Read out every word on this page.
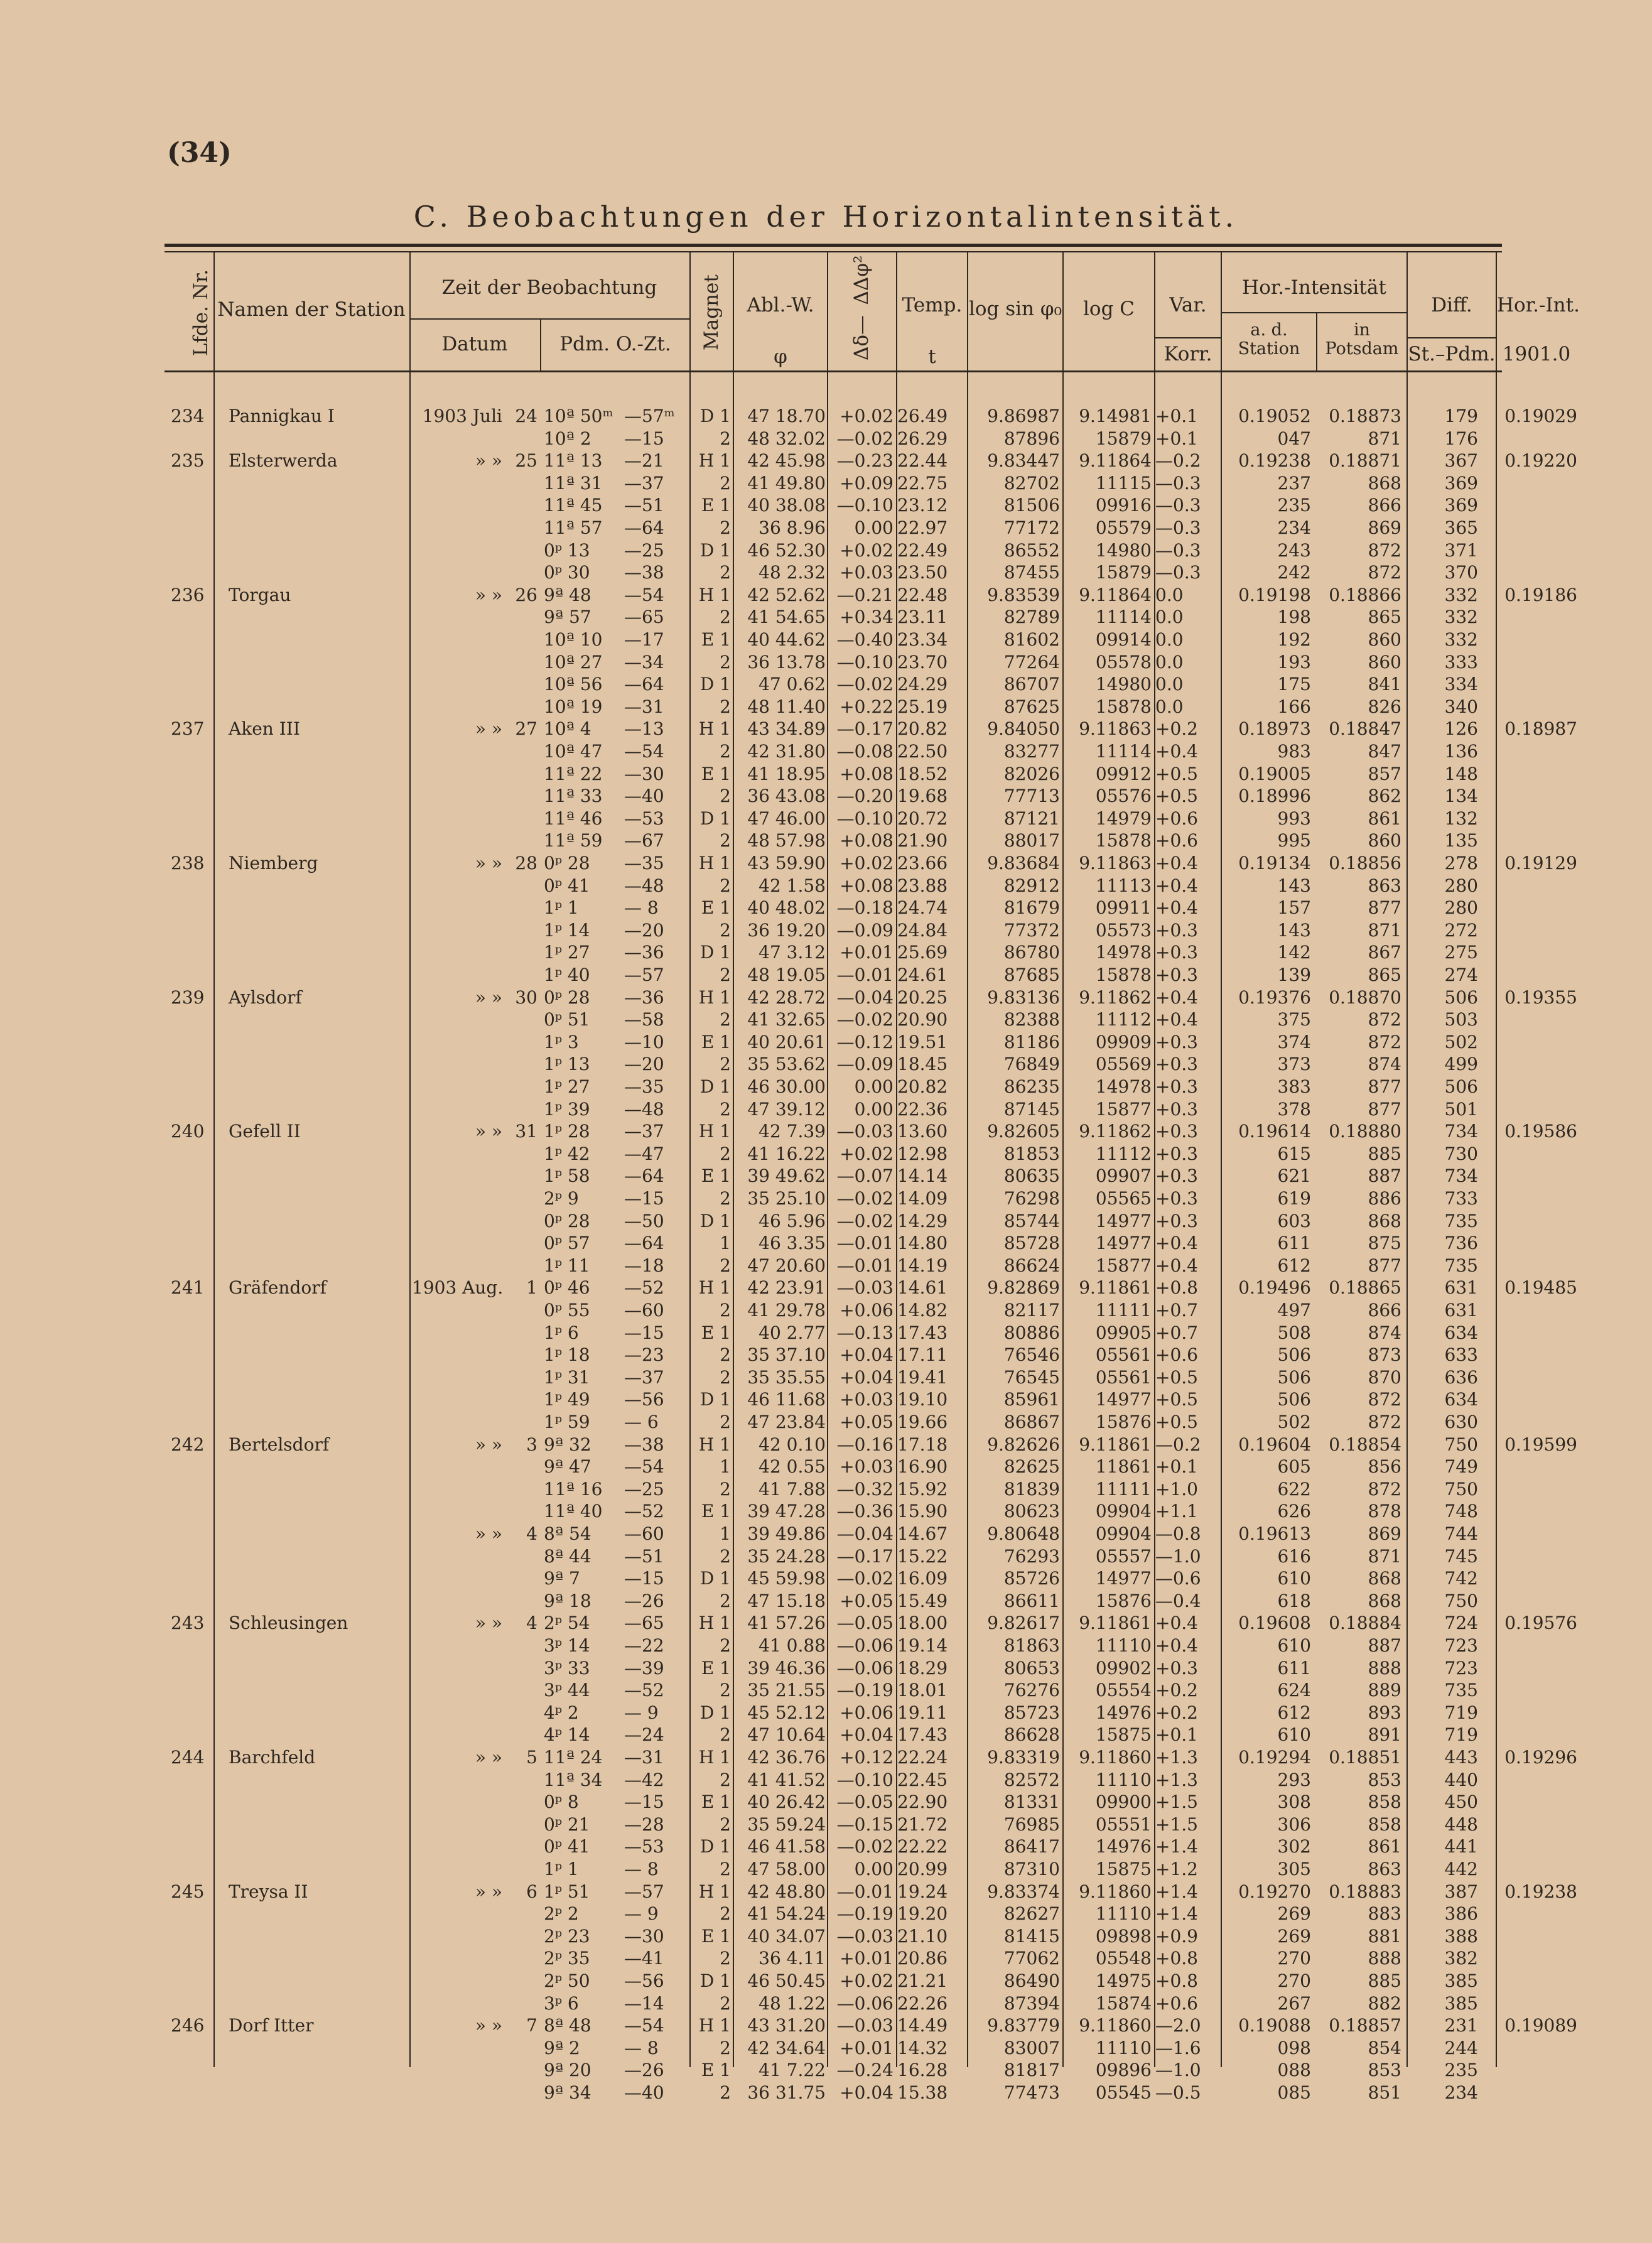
(34)
C. Beobachtungen der Horizontalintensität.
Lfde. Nr. Namen der Station
Zeit der Beobachtung
Datum	Pdm. O.-Zt.	Magnet	Abl.-W.
φ
ΔΔφ²
Δδ—
Temp.
t
log sin φ₀	log C	Var.
Korr.
Hor.-Intensität
a. d.
Station
in
Potsdam
Diff.
St.–Pdm.
Hor.-Int.
1901.0
234	Pannigkau I	1903 Juli 24 10ª 50ᵐ —57ᵐ	D 1 47 18.70 +0.02 26.49	9.86987	9.14981 +0.1	0.19052	0.18873	179	0.19029
10ª 2	—15	2 48 32.02 —0.02 26.29	87896	15879 +0.1	047	871	176
235	Elsterwerda	» » 25 11ª 13	—21	H 1 42 45.98 —0.23 22.44	9.83447	9.11864 —0.2	0.19238	0.18871	367	0.19220
11ª 31	—37	2 41 49.80 +0.09 22.75	82702	11115 —0.3	237	868	369
11ª 45	—51	E 1 40 38.08 —0.10 23.12	81506	09916 —0.3	235	866	369
11ª 57	—64	2	36 8.96	0.00 22.97	77172	05579 —0.3	234	869	365
0ᵖ 13	—25	D 1 46 52.30 +0.02 22.49	86552	14980 —0.3	243	872	371
0ᵖ 30	—38	2	48 2.32 +0.03 23.50	87455	15879 —0.3	242	872	370
236	Torgau	» » 26 9ª 48	—54	H 1 42 52.62 —0.21 22.48	9.83539	9.11864 0.0	0.19198	0.18866	332	0.19186
9ª 57	—65	2 41 54.65 +0.34 23.11	82789	11114 0.0	198	865	332
10ª 10	—17	E 1 40 44.62 —0.40 23.34	81602	09914 0.0	192	860	332
10ª 27	—34	2 36 13.78 —0.10 23.70	77264	05578 0.0	193	860	333
10ª 56	—64	D 1	47 0.62 —0.02 24.29	86707	14980 0.0	175	841	334
10ª 19	—31	2 48 11.40 +0.22 25.19	87625	15878 0.0	166	826	340
237	Aken III	» » 27 10ª 4	—13	H 1 43 34.89 —0.17 20.82	9.84050	9.11863 +0.2	0.18973	0.18847	126	0.18987
10ª 47	—54	2 42 31.80 —0.08 22.50	83277	11114 +0.4	983	847	136
11ª 22	—30	E 1 41 18.95 +0.08 18.52	82026	09912 +0.5	0.19005	857	148
11ª 33	—40	2 36 43.08 —0.20 19.68	77713	05576 +0.5	0.18996	862	134
11ª 46	—53	D 1 47 46.00 —0.10 20.72	87121	14979 +0.6	993	861	132
11ª 59	—67	2 48 57.98 +0.08 21.90	88017	15878 +0.6	995	860	135
238	Niemberg	» » 28 0ᵖ 28	—35	H 1 43 59.90 +0.02 23.66	9.83684	9.11863 +0.4	0.19134	0.18856	278	0.19129
0ᵖ 41	—48	2	42 1.58 +0.08 23.88	82912	11113 +0.4	143	863	280
1ᵖ 1	— 8	E 1 40 48.02 —0.18 24.74	81679	09911 +0.4	157	877	280
1ᵖ 14	—20	2 36 19.20 —0.09 24.84	77372	05573 +0.3	143	871	272
1ᵖ 27	—36	D 1	47 3.12 +0.01 25.69	86780	14978 +0.3	142	867	275
1ᵖ 40	—57	2 48 19.05 —0.01 24.61	87685	15878 +0.3	139	865	274
239	Aylsdorf	» » 30 0ᵖ 28	—36	H 1 42 28.72 —0.04 20.25	9.83136	9.11862 +0.4	0.19376	0.18870	506	0.19355
0ᵖ 51	—58	2 41 32.65 —0.02 20.90	82388	11112 +0.4	375	872	503
1ᵖ 3	—10	E 1 40 20.61 —0.12 19.51	81186	09909 +0.3	374	872	502
1ᵖ 13	—20	2 35 53.62 —0.09 18.45	76849	05569 +0.3	373	874	499
1ᵖ 27	—35	D 1 46 30.00	0.00 20.82	86235	14978 +0.3	383	877	506
1ᵖ 39	—48	2 47 39.12	0.00 22.36	87145	15877 +0.3	378	877	501
240	Gefell II	» » 31 1ᵖ 28	—37	H 1	42 7.39 —0.03 13.60	9.82605	9.11862 +0.3	0.19614	0.18880	734	0.19586
1ᵖ 42	—47	2 41 16.22 +0.02 12.98	81853	11112 +0.3	615	885	730
1ᵖ 58	—64	E 1 39 49.62 —0.07 14.14	80635	09907 +0.3	621	887	734
2ᵖ 9	—15	2 35 25.10 —0.02 14.09	76298	05565 +0.3	619	886	733
0ᵖ 28	—50	D 1	46 5.96 —0.02 14.29	85744	14977 +0.3	603	868	735
0ᵖ 57	—64	1	46 3.35 —0.01 14.80	85728	14977 +0.4	611	875	736
1ᵖ 11	—18	2 47 20.60 —0.01 14.19	86624	15877 +0.4	612	877	735
241	Gräfendorf	1903 Aug.	1 0ᵖ 46	—52	H 1 42 23.91 —0.03 14.61	9.82869	9.11861 +0.8	0.19496	0.18865	631	0.19485
0ᵖ 55	—60	2 41 29.78 +0.06 14.82	82117	11111 +0.7	497	866	631
1ᵖ 6	—15	E 1	40 2.77 —0.13 17.43	80886	09905 +0.7	508	874	634
1ᵖ 18	—23	2 35 37.10 +0.04 17.11	76546	05561 +0.6	506	873	633
1ᵖ 31	—37	2 35 35.55 +0.04 19.41	76545	05561 +0.5	506	870	636
1ᵖ 49	—56	D 1 46 11.68 +0.03 19.10	85961	14977 +0.5	506	872	634
1ᵖ 59	— 6	2 47 23.84 +0.05 19.66	86867	15876 +0.5	502	872	630
242	Bertelsdorf	» »	3 9ª 32	—38	H 1	42 0.10 —0.16 17.18	9.82626	9.11861 —0.2	0.19604	0.18854	750	0.19599
9ª 47	—54	1	42 0.55 +0.03 16.90	82625	11861 +0.1	605	856	749
11ª 16	—25	2	41 7.88 —0.32 15.92	81839	11111 +1.0	622	872	750
11ª 40	—52	E 1 39 47.28 —0.36 15.90	80623	09904 +1.1	626	878	748
» »	4 8ª 54	—60	1 39 49.86 —0.04 14.67	9.80648	09904 —0.8	0.19613	869	744
8ª 44	—51	2 35 24.28 —0.17 15.22	76293	05557 —1.0	616	871	745
9ª 7	—15	D 1 45 59.98 —0.02 16.09	85726	14977 —0.6	610	868	742
9ª 18	—26	2 47 15.18 +0.05 15.49	86611	15876 —0.4	618	868	750
243	Schleusingen	» »	4 2ᵖ 54	—65	H 1 41 57.26 —0.05 18.00	9.82617	9.11861 +0.4	0.19608	0.18884	724	0.19576
3ᵖ 14	—22	2	41 0.88 —0.06 19.14	81863	11110 +0.4	610	887	723
3ᵖ 33	—39	E 1 39 46.36 —0.06 18.29	80653	09902 +0.3	611	888	723
3ᵖ 44	—52	2 35 21.55 —0.19 18.01	76276	05554 +0.2	624	889	735
4ᵖ 2	— 9	D 1 45 52.12 +0.06 19.11	85723	14976 +0.2	612	893	719
4ᵖ 14	—24	2 47 10.64 +0.04 17.43	86628	15875 +0.1	610	891	719
244	Barchfeld	» »	5 11ª 24	—31	H 1 42 36.76 +0.12 22.24	9.83319	9.11860 +1.3	0.19294	0.18851	443	0.19296
11ª 34	—42	2 41 41.52 —0.10 22.45	82572	11110 +1.3	293	853	440
0ᵖ 8	—15	E 1 40 26.42 —0.05 22.90	81331	09900 +1.5	308	858	450
0ᵖ 21	—28	2 35 59.24 —0.15 21.72	76985	05551 +1.5	306	858	448
0ᵖ 41	—53	D 1 46 41.58 —0.02 22.22	86417	14976 +1.4	302	861	441
1ᵖ 1	— 8	2 47 58.00	0.00 20.99	87310	15875 +1.2	305	863	442
245	Treysa II	» »	6 1ᵖ 51	—57	H 1 42 48.80 —0.01 19.24	9.83374	9.11860 +1.4	0.19270	0.18883	387	0.19238
2ᵖ 2	— 9	2 41 54.24 —0.19 19.20	82627	11110 +1.4	269	883	386
2ᵖ 23	—30	E 1 40 34.07 —0.03 21.10	81415	09898 +0.9	269	881	388
2ᵖ 35	—41	2	36 4.11 +0.01 20.86	77062	05548 +0.8	270	888	382
2ᵖ 50	—56	D 1 46 50.45 +0.02 21.21	86490	14975 +0.8	270	885	385
3ᵖ 6	—14	2	48 1.22 —0.06 22.26	87394	15874 +0.6	267	882	385
246	Dorf Itter	» »	7 8ª 48	—54	H 1 43 31.20 —0.03 14.49	9.83779	9.11860 —2.0	0.19088	0.18857	231	0.19089
9ª 2	— 8	2 42 34.64 +0.01 14.32	83007	11110 —1.6	098	854	244
9ª 20	—26	E 1	41 7.22 —0.24 16.28	81817	09896 —1.0	088	853	235
9ª 34	—40	2 36 31.75 +0.04 15.38	77473	05545 —0.5	085	851	234
